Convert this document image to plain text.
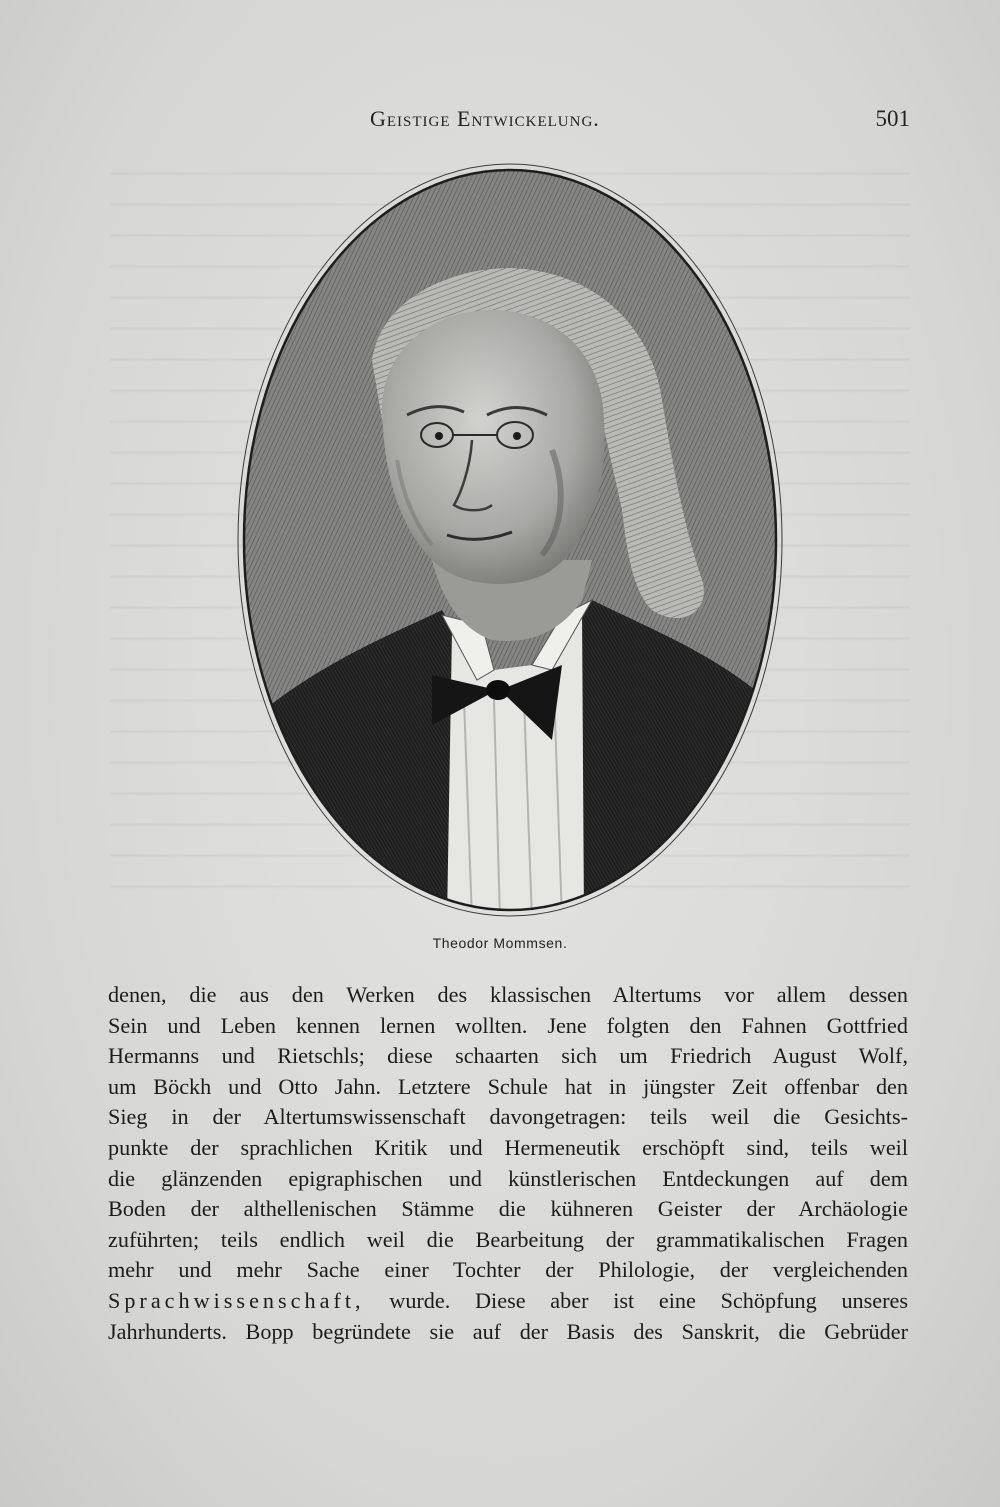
Geistige Entwickelung.	501
Theodor Mommsen.
denen, die aus den Werken des klassischen Altertums vor allem dessen
Sein und Leben kennen lernen wollten. Jene folgten den Fahnen Gottfried
Hermanns und Rietschls; diese schaarten sich um Friedrich August Wolf,
um Böckh und Otto Jahn. Letztere Schule hat in jüngster Zeit offenbar den
Sieg in der Altertumswissenschaft davongetragen: teils weil die Gesichts-
punkte der sprachlichen Kritik und Hermeneutik erschöpft sind, teils weil
die glänzenden epigraphischen und künstlerischen Entdeckungen auf dem
Boden der althellenischen Stämme die kühneren Geister der Archäologie
zuführten; teils endlich weil die Bearbeitung der grammatikalischen Fragen
mehr und mehr Sache einer Tochter der Philologie, der vergleichenden
Sprachwissenschaft, wurde. Diese aber ist eine Schöpfung unseres
Jahrhunderts. Bopp begründete sie auf der Basis des Sanskrit, die Gebrüder
